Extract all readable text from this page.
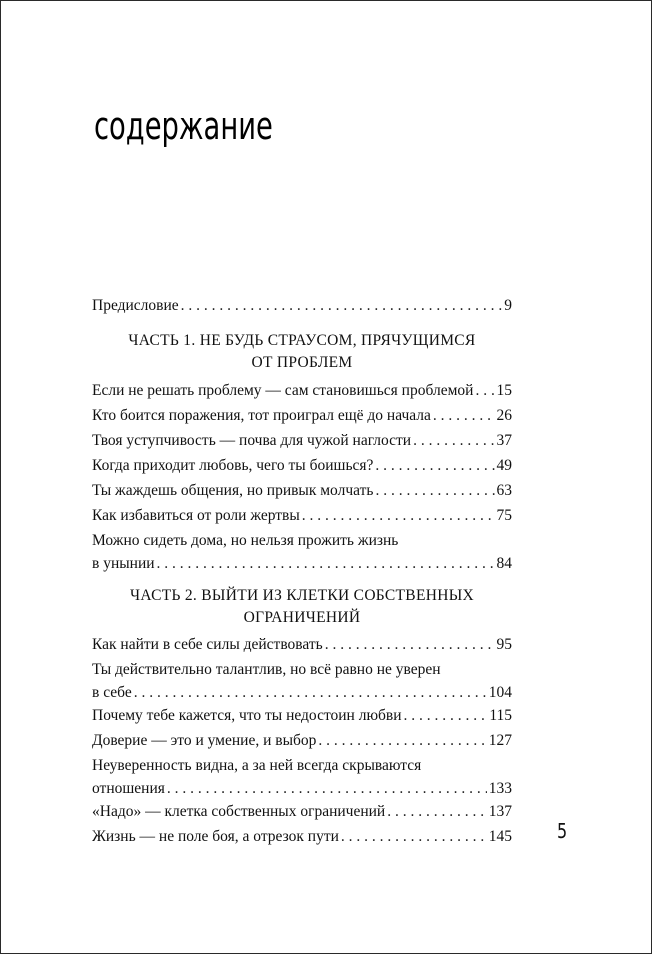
содержание
Предисловие . . .	9
ЧАСТЬ 1. НЕ БУДЬ СТРАУСОМ, ПРЯЧУЩИМСЯ
ОТ ПРОБЛЕМ
Если не решать проблему — сам становишься проблемой . . . 15
Кто боится поражения, тот проиграл ещё до начала . . .	26
Твоя уступчивость — почва для чужой наглости . . .	37
Когда приходит любовь, чего ты боишься? . . .	49
Ты жаждешь общения, но привык молчать . . .	63
Как избавиться от роли жертвы . . .	75
Можно сидеть дома, но нельзя прожить жизнь
в унынии . . .	84
ЧАСТЬ 2. ВЫЙТИ ИЗ КЛЕТКИ СОБСТВЕННЫХ
ОГРАНИЧЕНИЙ
Как найти в себе силы действовать . . .	95
Ты действительно талантлив, но всё равно не уверен
в себе . . .	104
Почему тебе кажется, что ты недостоин любви . . .	115
Доверие — это и умение, и выбор . . .	127
Неуверенность видна, а за ней всегда скрываются
отношения . . .	133
«Надо» — клетка собственных ограничений . . .	137
Жизнь — не поле боя, а отрезок пути . . .	145 5
